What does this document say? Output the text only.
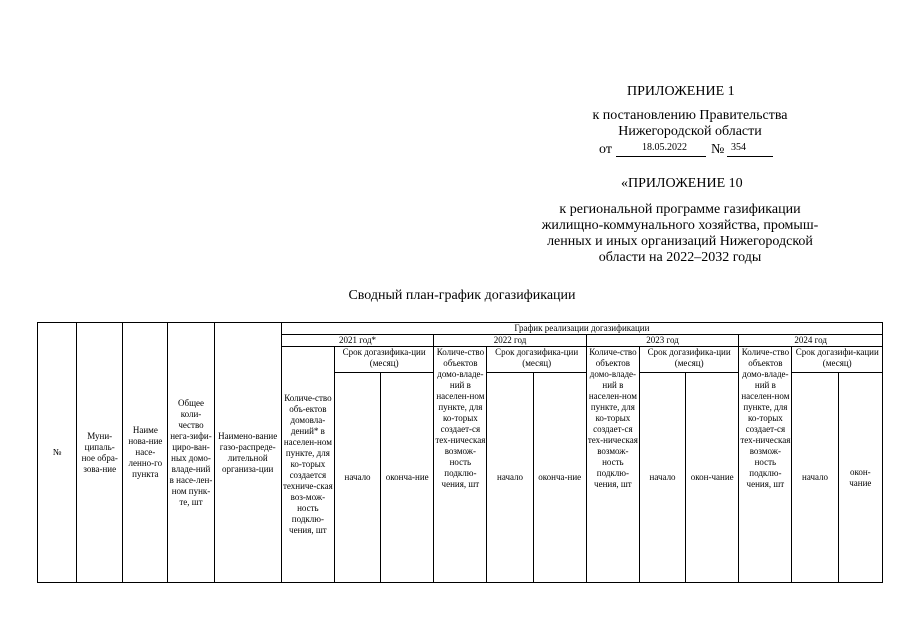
ПРИЛОЖЕНИЕ 1
к постановлению Правительства
Нижегородской области
от	18.05.2022 № 354
«ПРИЛОЖЕНИЕ 10
к региональной программе газификации
жилищно-коммунального хозяйства, промыш-
ленных и иных организаций Нижегородской
области на 2022–2032 годы
Сводный план-график догазификации
№	Муни-ципаль-ное обра-зова-ние	Наиме нова-ние насе-ленно-го пункта	Общее коли-чество нега-зифи-циро-ван-ных домо-владе-ний в насе-лен-ном пунк-те, шт	Наимено-вание газо-распреде-лительной организа-ции	График реализации догазификации											
					2021 год*			2022 год			2023 год			2024 год		
					Количе-ство объ-ектов домовла-дений* в населен-ном пункте, для ко-торых создается техниче-ская воз-мож-ность подклю-чения, шт	Срок догазифика-ции (месяц)		Количе-ство объектов домо-владе-ний в населен-ном пункте, для ко-торых создает-ся тех-ническая возмож-ность подклю-чения, шт	Срок догазифика-ции (месяц)		Количе-ство объектов домо-владе-ний в населен-ном пункте, для ко-торых создает-ся тех-ническая возмож-ность подклю-чения, шт	Срок догазифика-ции (месяц)		Количе-ство объектов домо-владе-ний в населен-ном пункте, для ко-торых создает-ся тех-ническая возмож-ность подклю-чения, шт	Срок догазифи-кации (месяц)	
						начало	оконча-ние		начало	оконча-ние		начало	окон-чание		начало	окон-чание
